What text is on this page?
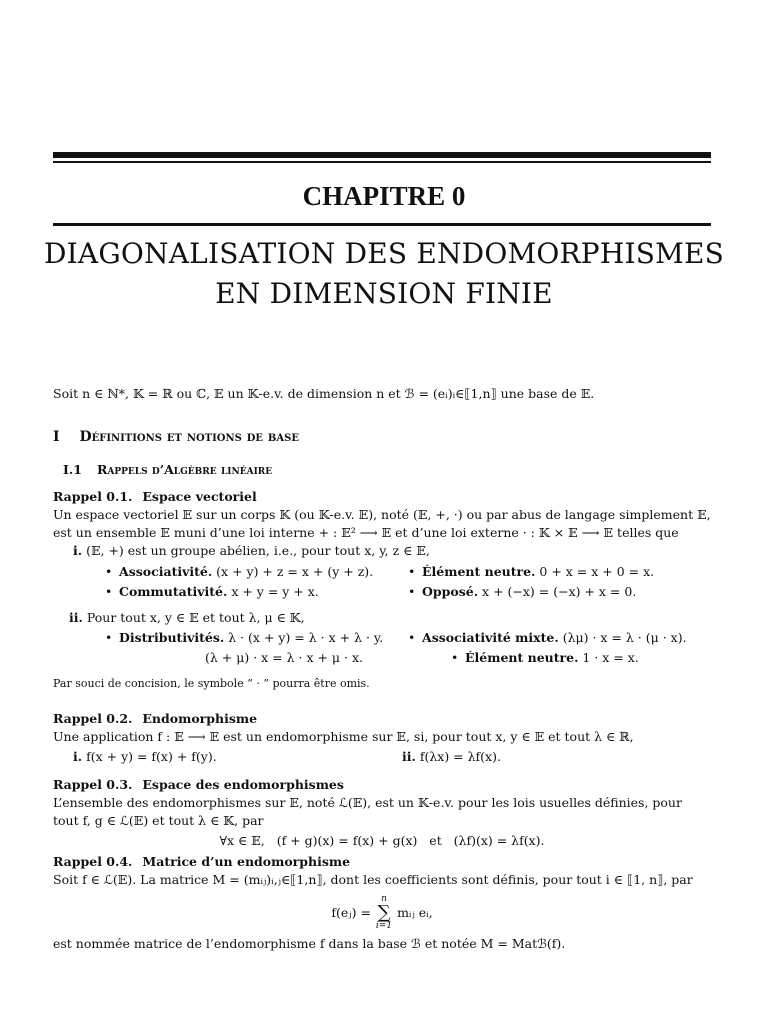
CHAPITRE 0
DIAGONALISATION DES ENDOMORPHISMES
EN DIMENSION FINIE
Soit n ∈ ℕ*, 𝕂 = ℝ ou ℂ, 𝔼 un 𝕂-e.v. de dimension n et ℬ = (eᵢ)ᵢ∈⟦1,n⟧ une base de 𝔼.
I Définitions et notions de base
I.1 Rappels d’Algèbre linéaire
Rappel 0.1. Espace vectoriel
Un espace vectoriel 𝔼 sur un corps 𝕂 (ou 𝕂-e.v. 𝔼), noté (𝔼, +, ·) ou par abus de langage simplement 𝔼, est un ensemble 𝔼 muni d’une loi interne + : 𝔼² ⟶ 𝔼 et d’une loi externe · : 𝕂 × 𝔼 ⟶ 𝔼 telles que
i. (𝔼, +) est un groupe abélien, i.e., pour tout x, y, z ∈ 𝔼,
• Associativité. (x + y) + z = x + (y + z).	• Élément neutre. 0 + x = x + 0 = x.
• Commutativité. x + y = y + x.	• Opposé. x + (−x) = (−x) + x = 0.
ii. Pour tout x, y ∈ 𝔼 et tout λ, μ ∈ 𝕂,
• Distributivités. λ · (x + y) = λ · x + λ · y.	• Associativité mixte. (λμ) · x = λ · (μ · x).
(λ + μ) · x = λ · x + μ · x.	• Élément neutre. 1 · x = x.
Par souci de concision, le symbole “ · ” pourra être omis.
Rappel 0.2. Endomorphisme
Une application f : 𝔼 ⟶ 𝔼 est un endomorphisme sur 𝔼, si, pour tout x, y ∈ 𝔼 et tout λ ∈ ℝ,
i. f(x + y) = f(x) + f(y).	ii. f(λx) = λf(x).
Rappel 0.3. Espace des endomorphismes
L’ensemble des endomorphismes sur 𝔼, noté ℒ(𝔼), est un 𝕂-e.v. pour les lois usuelles définies, pour tout f, g ∈ ℒ(𝔼) et tout λ ∈ 𝕂, par
∀x ∈ 𝔼,   (f + g)(x) = f(x) + g(x)   et   (λf)(x) = λf(x).
Rappel 0.4. Matrice d’un endomorphisme
Soit f ∈ ℒ(𝔼). La matrice M = (mᵢⱼ)ᵢ,ⱼ∈⟦1,n⟧, dont les coefficients sont définis, pour tout i ∈ ⟦1, n⟧, par
f(eⱼ) =
n
∑
i=1
mᵢⱼ eᵢ,
est nommée matrice de l’endomorphisme f dans la base ℬ et notée M = Matℬ(f).
